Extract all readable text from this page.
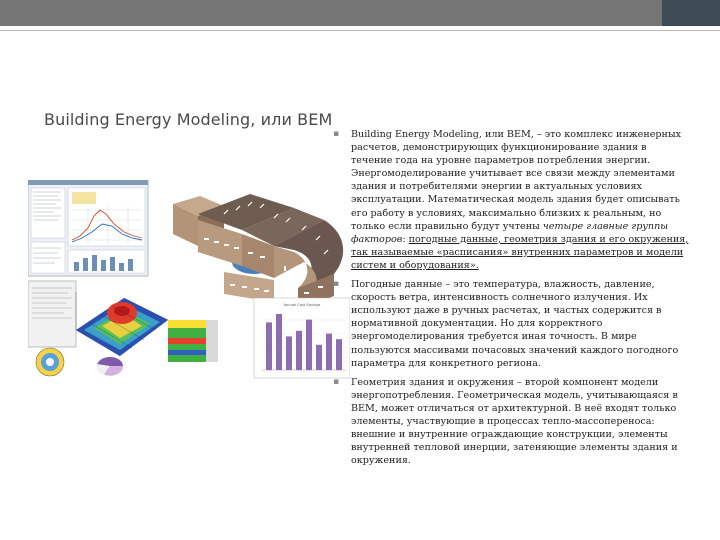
Building Energy Modeling, или BEM
Annual Cost Savings
▪ Building Energy Modeling, или BEM, – это комплекс инженерных расчетов, демонстрирующих функционирование здания в течение года на уровне параметров потребления энергии. Энергомоделирование учитывает все связи между элементами здания и потребителями энергии в актуальных условиях эксплуатации. Математическая модель здания будет описывать его работу в условиях, максимально близких к реальным, но только если правильно будут учтены четыре главные группы факторов: погодные данные, геометрия здания и его окружения, так называемые «расписания» внутренних параметров и модели систем и оборудования».
▪ Погодные данные – это температура, влажность, давление, скорость ветра, интенсивность солнечного излучения. Их используют даже в ручных расчетах, и частых содержится в нормативной документации. Но для корректного энергомоделирования требуется иная точность. В мире пользуются массивами почасовых значений каждого погодного параметра для конкретного региона.
▪ Геометрия здания и окружения – второй компонент модели энергопотребления. Геометрическая модель, учитывающаяся в BEM, может отличаться от архитектурной. В неё входят только элементы, участвующие в процессах тепло-массопереноса: внешние и внутренние ограждающие конструкции, элементы внутренней тепловой инерции, затеняющие элементы здания и окружения.
